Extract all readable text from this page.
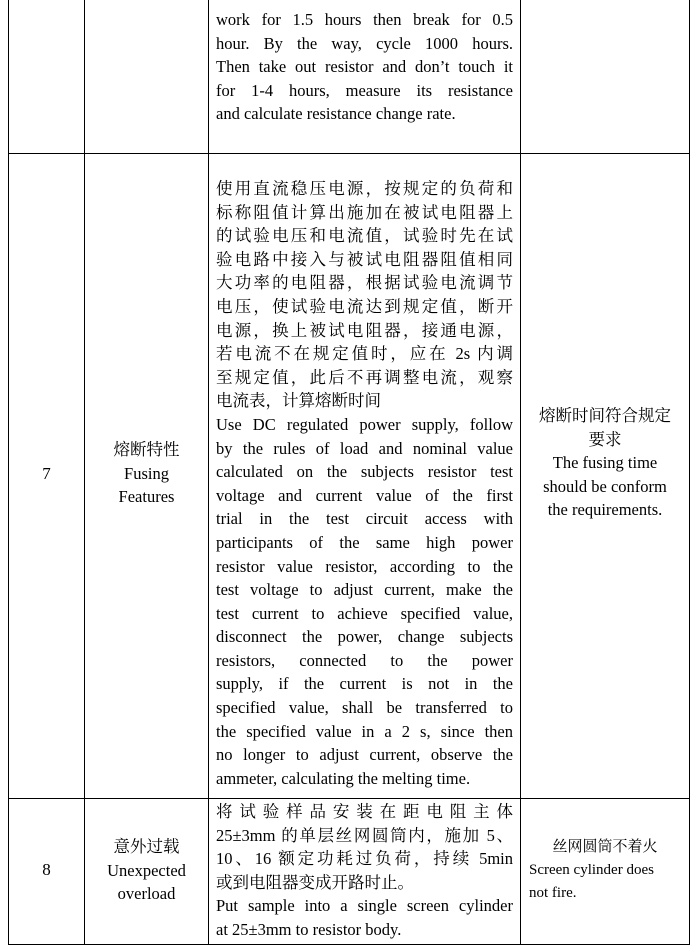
work for 1.5 hours then break for 0.5
hour. By the way, cycle 1000 hours.
Then take out resistor and don’t touch it
for 1-4 hours, measure its resistance
and calculate resistance change rate.
7
熔断特性
Fusing
Features
使用直流稳压电源，按规定的负荷和
标称阻值计算出施加在被试电阻器上
的试验电压和电流值，试验时先在试
验电路中接入与被试电阻器阻值相同
大功率的电阻器，根据试验电流调节
电压，使试验电流达到规定值，断开
电源，换上被试电阻器，接通电源，
若电流不在规定值时，应在 2s 内调
至规定值，此后不再调整电流，观察
电流表，计算熔断时间
Use DC regulated power supply, follow
by the rules of load and nominal value
calculated on the subjects resistor test
voltage and current value of the first
trial in the test circuit access with
participants of the same high power
resistor value resistor, according to the
test voltage to adjust current, make the
test current to achieve specified value,
disconnect the power, change subjects
resistors, connected to the power
supply, if the current is not in the
specified value, shall be transferred to
the specified value in a 2 s, since then
no longer to adjust current, observe the
ammeter, calculating the melting time.
熔断时间符合规定
要求
The fusing time
should be conform
the requirements.
8
意外过载
Unexpected
overload
将 试 验 样 品 安 装 在 距 电 阻 主 体
25±3mm 的单层丝网圆筒内，施加 5、
10、16 额定功耗过负荷，持续 5min
或到电阻器变成开路时止。
Put sample into a single screen cylinder
at 25±3mm to resistor body.
丝网圆筒不着火
Screen cylinder does
not fire.
